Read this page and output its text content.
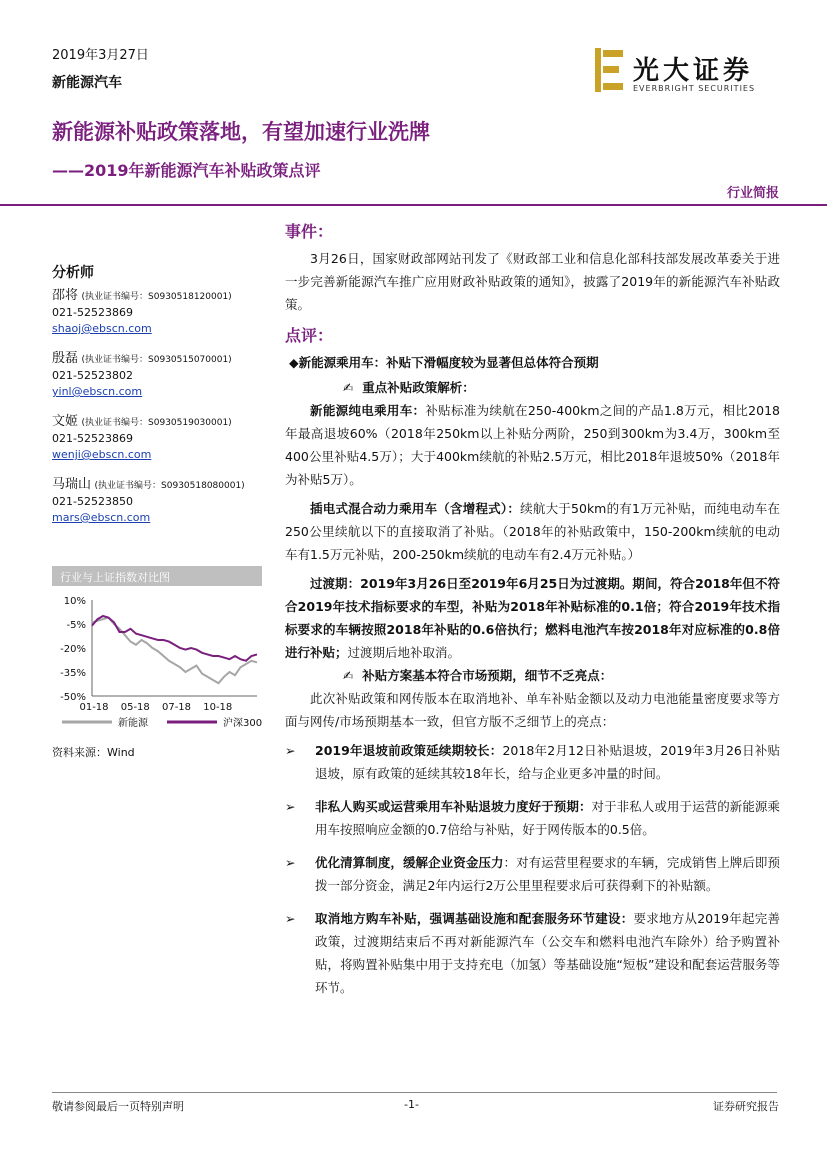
2019年3月27日
新能源汽车
新能源补贴政策落地，有望加速行业洗牌
——2019年新能源汽车补贴政策点评
行业简报
光大证券
EVERBRIGHT SECURITIES
分析师
邵将 (执业证书编号：S0930518120001)
021-52523869
shaoj@ebscn.com
殷磊 (执业证书编号：S0930515070001)
021-52523802
yinl@ebscn.com
文姬 (执业证书编号：S0930519030001)
021-52523869
wenji@ebscn.com
马瑞山 (执业证书编号：S0930518080001)
021-52523850
mars@ebscn.com
行业与上证指数对比图
10%
-5%
-20%
-35%
-50%
01-18 05-18 07-18 10-18
新能源	沪深300
资料来源：Wind
事件：

3月26日，国家财政部网站刊发了《财政部工业和信息化部科技部发展改革委关于进一步完善新能源汽车推广应用财政补贴政策的通知》，披露了2019年的新能源汽车补贴政策。

点评：
◆新能源乘用车：补贴下滑幅度较为显著但总体符合预期
✍ 重点补贴政策解析：

新能源纯电乘用车：补贴标准为续航在250-400km之间的产品1.8万元，相比2018年最高退坡60%（2018年250km以上补贴分两阶，250到300km为3.4万，300km至400公里补贴4.5万）；大于400km续航的补贴2.5万元，相比2018年退坡50%（2018年为补贴5万）。

插电式混合动力乘用车（含增程式）：续航大于50km的有1万元补贴，而纯电动车在250公里续航以下的直接取消了补贴。（2018年的补贴政策中，150-200km续航的电动车有1.5万元补贴，200-250km续航的电动车有2.4万元补贴。）

过渡期：2019年3月26日至2019年6月25日为过渡期。期间，符合2018年但不符合2019年技术指标要求的车型，补贴为2018年补贴标准的0.1倍；符合2019年技术指标要求的车辆按照2018年补贴的0.6倍执行；燃料电池汽车按2018年对应标准的0.8倍进行补贴；过渡期后地补取消。

✍ 补贴方案基本符合市场预期，细节不乏亮点：

此次补贴政策和网传版本在取消地补、单车补贴金额以及动力电池能量密度要求等方面与网传/市场预期基本一致，但官方版不乏细节上的亮点：

➢ 2019年退坡前政策延续期较长：2018年2月12日补贴退坡，2019年3月26日补贴退坡，原有政策的延续其较18年长，给与企业更多冲量的时间。
➢ 非私人购买或运营乘用车补贴退坡力度好于预期：对于非私人或用于运营的新能源乘用车按照响应金额的0.7倍给与补贴，好于网传版本的0.5倍。
➢ 优化清算制度，缓解企业资金压力：对有运营里程要求的车辆，完成销售上牌后即预拨一部分资金，满足2年内运行2万公里里程要求后可获得剩下的补贴额。
➢ 取消地方购车补贴，强调基础设施和配套服务环节建设：要求地方从2019年起完善政策，过渡期结束后不再对新能源汽车（公交车和燃料电池汽车除外）给予购置补贴，将购置补贴集中用于支持充电（加氢）等基础设施“短板”建设和配套运营服务等环节。
敬请参阅最后一页特别声明	-1-	证券研究报告
